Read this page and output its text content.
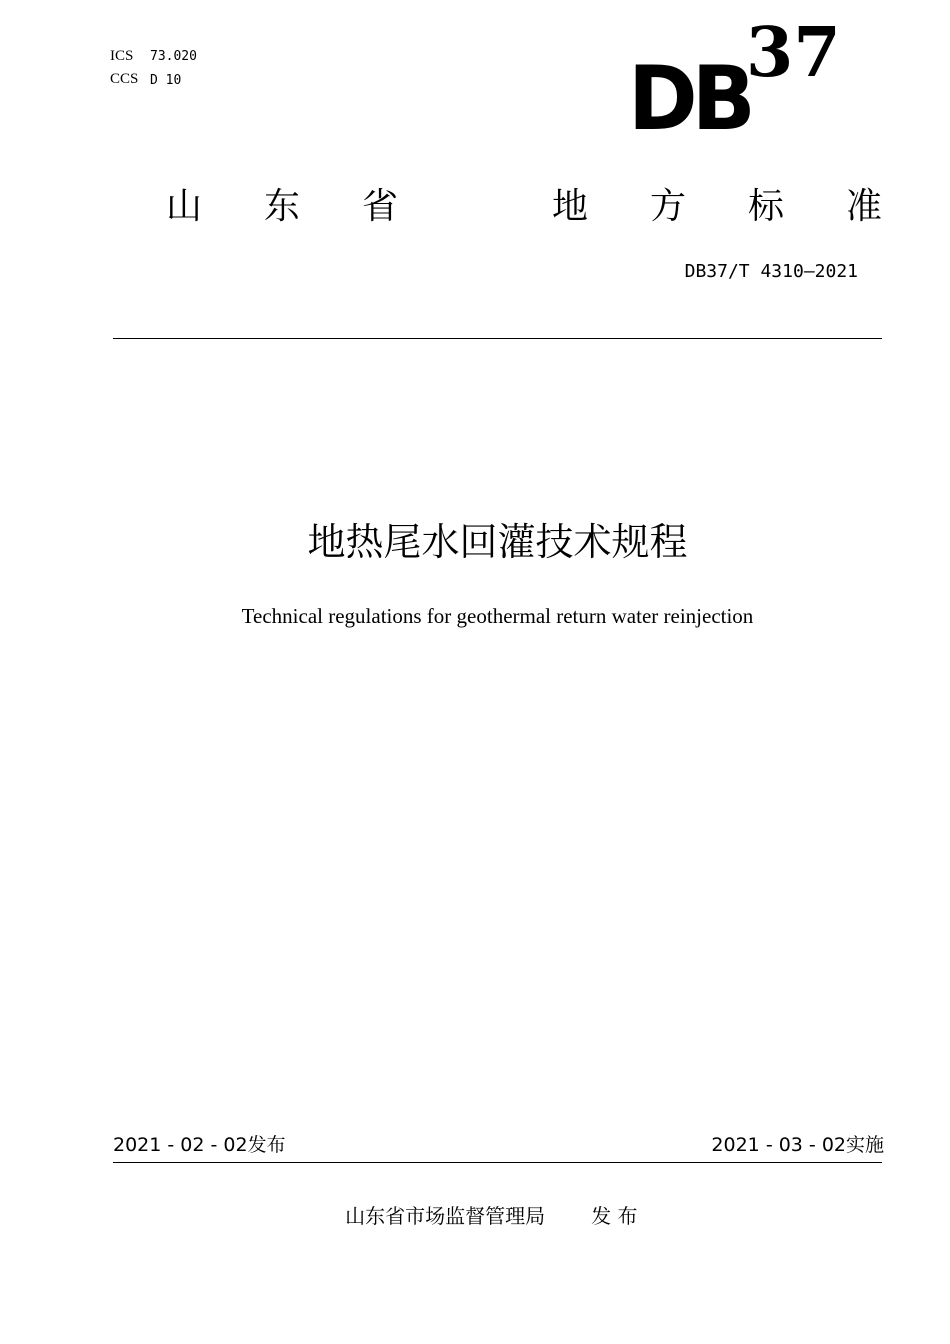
ICS 73.020
CCS D 10	DB
37
山 东 省	地 方 标 准
DB37/T 4310—2021
地热尾水回灌技术规程
Technical regulations for geothermal return water reinjection
2021 - 02 - 02发布	2021 - 03 - 02实施

山东省市场监督管理局 发 布
